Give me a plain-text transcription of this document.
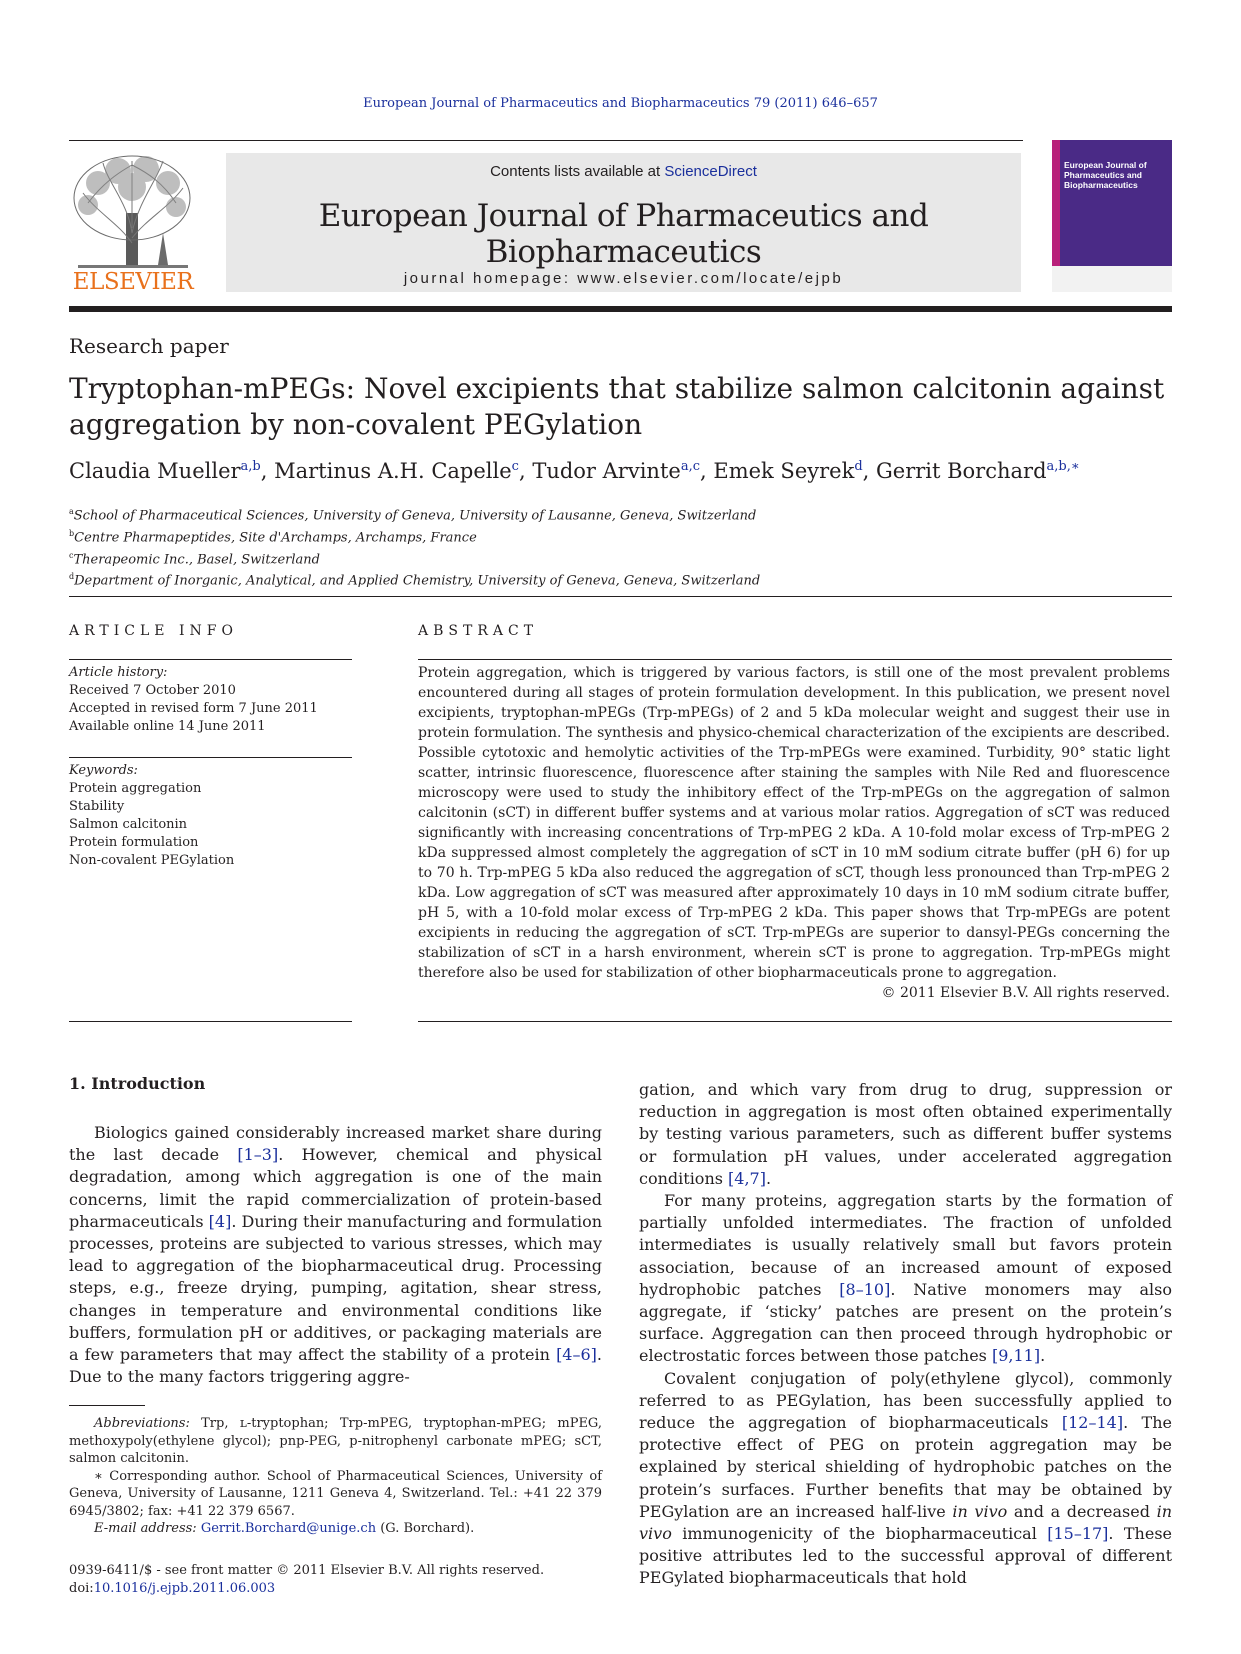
European Journal of Pharmaceutics and Biopharmaceutics 79 (2011) 646–657
ELSEVIER
Contents lists available at ScienceDirect
European Journal of Pharmaceutics and Biopharmaceutics
journal homepage: www.elsevier.com/locate/ejpb
European Journal of Pharmaceutics and Biopharmaceutics
Research paper
Tryptophan-mPEGs: Novel excipients that stabilize salmon calcitonin against
aggregation by non-covalent PEGylation
Claudia Mueller$^{a,b}$, Martinus A.H. Capelle$^c$, Tudor Arvinte$^{a,c}$, Emek Seyrek$^d$, Gerrit Borchard$^{a,b,∗}$
$^a$School of Pharmaceutical Sciences, University of Geneva, University of Lausanne, Geneva, Switzerland
$^b$Centre Pharmapeptides, Site d'Archamps, Archamps, France
$^c$Therapeomic Inc., Basel, Switzerland
$^d$Department of Inorganic, Analytical, and Applied Chemistry, University of Geneva, Geneva, Switzerland
ARTICLE INFO
Article history:
Received 7 October 2010
Accepted in revised form 7 June 2011
Available online 14 June 2011
Keywords:
Protein aggregation
Stability
Salmon calcitonin
Protein formulation
Non-covalent PEGylation
ABSTRACT
Protein aggregation, which is triggered by various factors, is still one of the most prevalent problems encountered during all stages of protein formulation development. In this publication, we present novel excipients, tryptophan-mPEGs (Trp-mPEGs) of 2 and 5 kDa molecular weight and suggest their use in protein formulation. The synthesis and physico-chemical characterization of the excipients are described. Possible cytotoxic and hemolytic activities of the Trp-mPEGs were examined. Turbidity, 90° static light scatter, intrinsic fluorescence, fluorescence after staining the samples with Nile Red and fluorescence microscopy were used to study the inhibitory effect of the Trp-mPEGs on the aggregation of salmon calcitonin (sCT) in different buffer systems and at various molar ratios. Aggregation of sCT was reduced significantly with increasing concentrations of Trp-mPEG 2 kDa. A 10-fold molar excess of Trp-mPEG 2 kDa suppressed almost completely the aggregation of sCT in 10 mM sodium citrate buffer (pH 6) for up to 70 h. Trp-mPEG 5 kDa also reduced the aggregation of sCT, though less pronounced than Trp-mPEG 2 kDa. Low aggregation of sCT was measured after approximately 10 days in 10 mM sodium citrate buffer, pH 5, with a 10-fold molar excess of Trp-mPEG 2 kDa. This paper shows that Trp-mPEGs are potent excipients in reducing the aggregation of sCT. Trp-mPEGs are superior to dansyl-PEGs concerning the stabilization of sCT in a harsh environment, wherein sCT is prone to aggregation. Trp-mPEGs might therefore also be used for stabilization of other biopharmaceuticals prone to aggregation.
© 2011 Elsevier B.V. All rights reserved.
1. Introduction

Biologics gained considerably increased market share during the last decade [1–3]. However, chemical and physical degradation, among which aggregation is one of the main concerns, limit the rapid commercialization of protein-based pharmaceuticals [4]. During their manufacturing and formulation processes, proteins are subjected to various stresses, which may lead to aggregation of the biopharmaceutical drug. Processing steps, e.g., freeze drying, pumping, agitation, shear stress, changes in temperature and environmental conditions like buffers, formulation pH or additives, or packaging materials are a few parameters that may affect the stability of a protein [4–6]. Due to the many factors triggering aggre-

gation, and which vary from drug to drug, suppression or reduction in aggregation is most often obtained experimentally by testing various parameters, such as different buffer systems or formulation pH values, under accelerated aggregation conditions [4,7].

For many proteins, aggregation starts by the formation of partially unfolded intermediates. The fraction of unfolded intermediates is usually relatively small but favors protein association, because of an increased amount of exposed hydrophobic patches [8–10]. Native monomers may also aggregate, if ‘sticky’ patches are present on the protein’s surface. Aggregation can then proceed through hydrophobic or electrostatic forces between those patches [9,11].

Covalent conjugation of poly(ethylene glycol), commonly referred to as PEGylation, has been successfully applied to reduce the aggregation of biopharmaceuticals [12–14]. The protective effect of PEG on protein aggregation may be explained by sterical shielding of hydrophobic patches on the protein’s surfaces. Further benefits that may be obtained by PEGylation are an increased half-live in vivo and a decreased in vivo immunogenicity of the biopharmaceutical [15–17]. These positive attributes led to the successful approval of different PEGylated biopharmaceuticals that hold

Abbreviations: Trp, ʟ-tryptophan; Trp-mPEG, tryptophan-mPEG; mPEG, methoxypoly(ethylene glycol); pnp-PEG, p-nitrophenyl carbonate mPEG; sCT, salmon calcitonin.

∗ Corresponding author. School of Pharmaceutical Sciences, University of Geneva, University of Lausanne, 1211 Geneva 4, Switzerland. Tel.: +41 22 379 6945/3802; fax: +41 22 379 6567.

E-mail address: Gerrit.Borchard@unige.ch (G. Borchard).

0939-6411/$ - see front matter © 2011 Elsevier B.V. All rights reserved.
doi:10.1016/j.ejpb.2011.06.003
